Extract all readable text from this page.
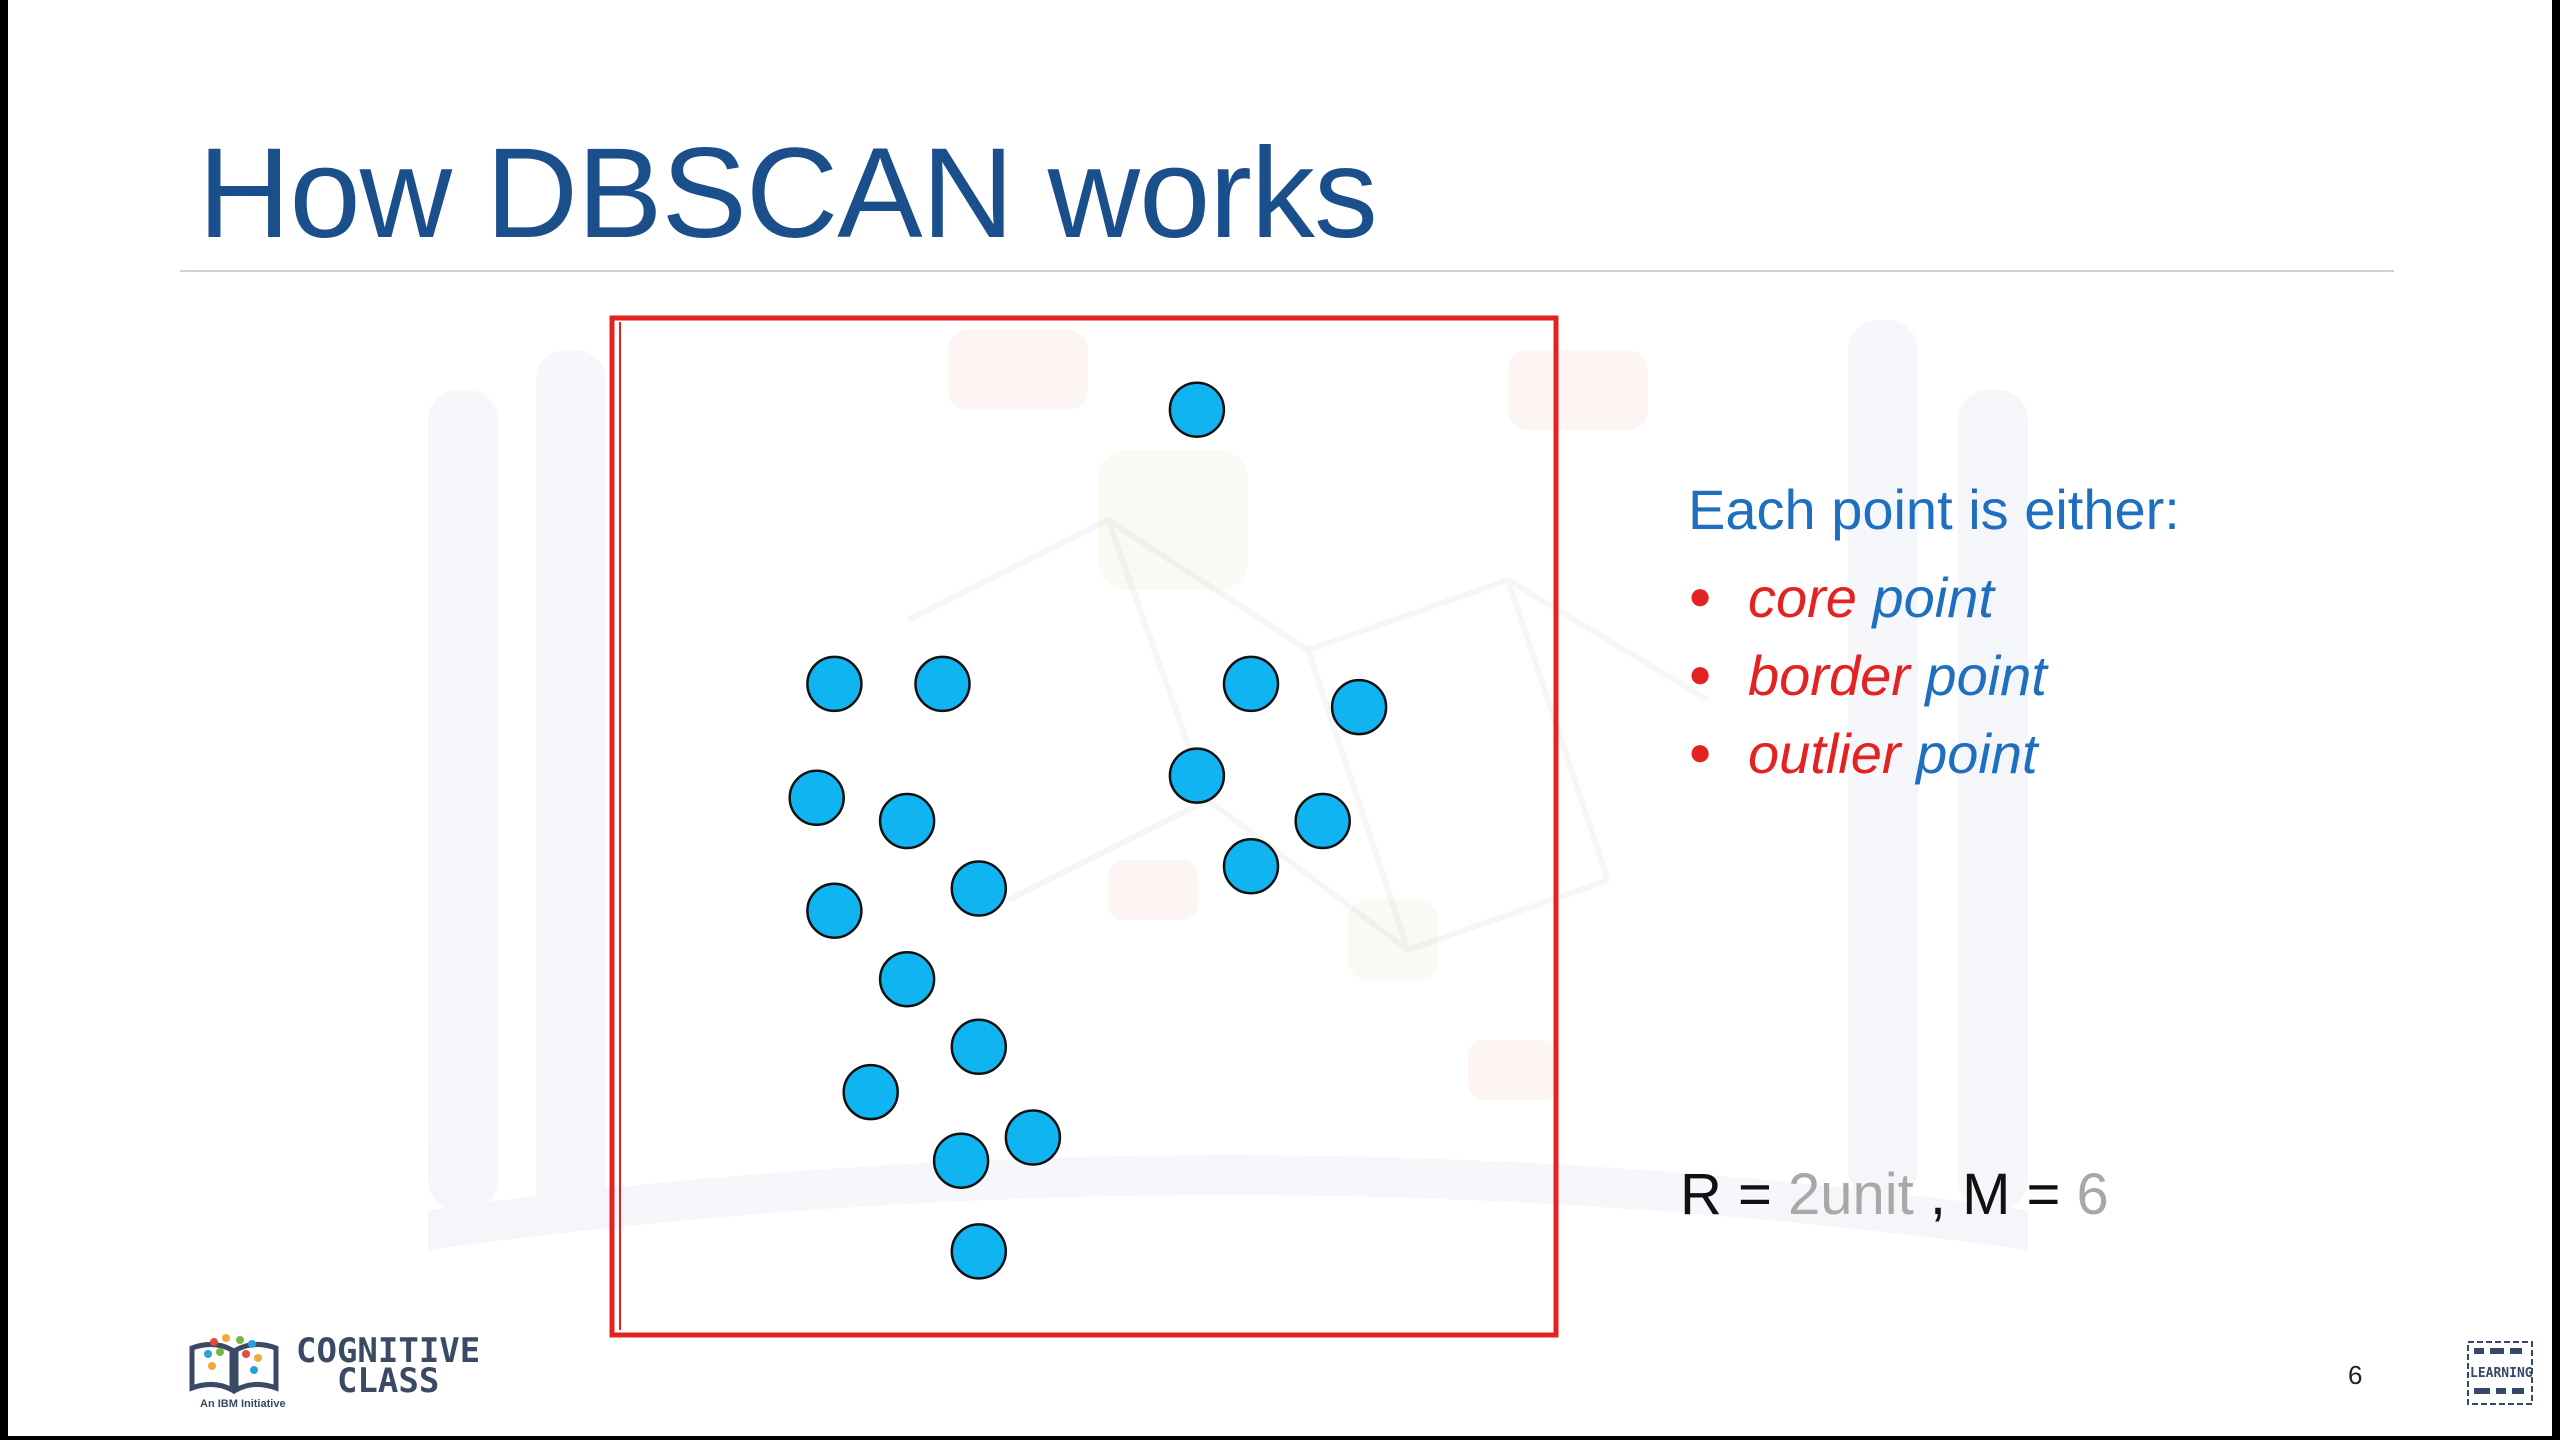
How DBSCAN works

Each point is either:

● core point
● border point
● outlier point
R = 2unit , M = 6
COGNITIVE
CLASS
An IBM Initiative
6	LEARNING
